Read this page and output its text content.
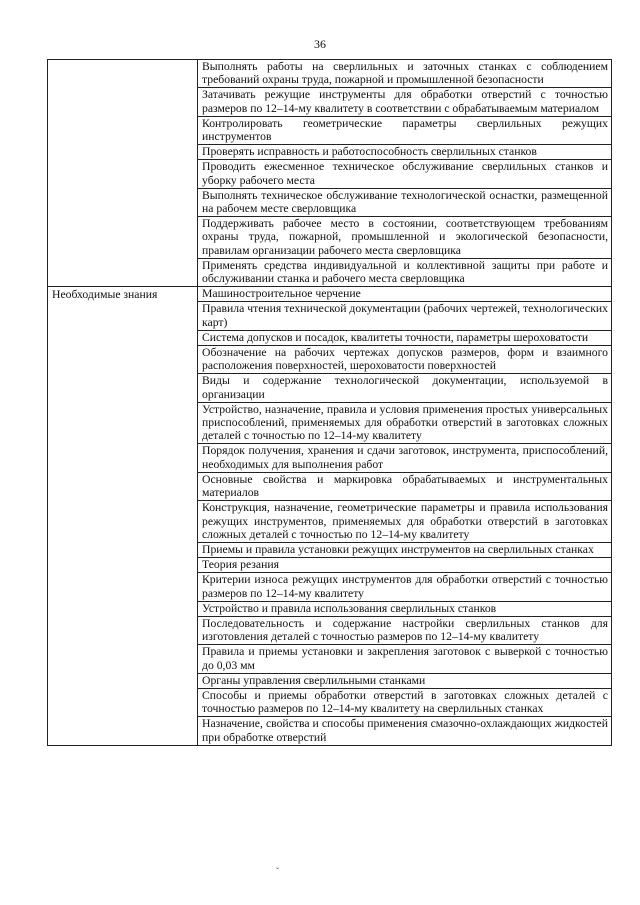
36

	Выполнять работы на сверлильных и заточных станках с соблюдением требований охраны труда, пожарной и промышленной безопасности

	Затачивать режущие инструменты для обработки отверстий с точностью размеров по 12–14-му квалитету в соответствии с обрабатываемым материалом

	Контролировать геометрические параметры сверлильных режущих инструментов

	Проверять исправность и работоспособность сверлильных станков

	Проводить ежесменное техническое обслуживание сверлильных станков и уборку рабочего места

	Выполнять техническое обслуживание технологической оснастки, размещенной на рабочем месте сверловщика

	Поддерживать рабочее место в состоянии, соответствующем требованиям охраны труда, пожарной, промышленной и экологической безопасности, правилам организации рабочего места сверловщика

	Применять средства индивидуальной и коллективной защиты при работе и обслуживании станка и рабочего места сверловщика

Необходимые знания	Машиностроительное черчение

	Правила чтения технической документации (рабочих чертежей, технологических карт)

	Система допусков и посадок, квалитеты точности, параметры шероховатости

	Обозначение на рабочих чертежах допусков размеров, форм и взаимного расположения поверхностей, шероховатости поверхностей

	Виды и содержание технологической документации, используемой в организации

	Устройство, назначение, правила и условия применения простых универсальных приспособлений, применяемых для обработки отверстий в заготовках сложных деталей с точностью по 12–14-му квалитету

	Порядок получения, хранения и сдачи заготовок, инструмента, приспособлений, необходимых для выполнения работ

	Основные свойства и маркировка обрабатываемых и инструментальных материалов

	Конструкция, назначение, геометрические параметры и правила использования режущих инструментов, применяемых для обработки отверстий в заготовках сложных деталей с точностью по 12–14-му квалитету

	Приемы и правила установки режущих инструментов на сверлильных станках

	Теория резания

	Критерии износа режущих инструментов для обработки отверстий с точностью размеров по 12–14-му квалитету

	Устройство и правила использования сверлильных станков

	Последовательность и содержание настройки сверлильных станков для изготовления деталей с точностью размеров по 12–14-му квалитету

	Правила и приемы установки и закрепления заготовок с выверкой с точностью до 0,03 мм

	Органы управления сверлильными станками

	Способы и приемы обработки отверстий в заготовках сложных деталей с точностью размеров по 12–14-му квалитету на сверлильных станках

	Назначение, свойства и способы применения смазочно-охлаждающих жидкостей при обработке отверстий
ˇ
